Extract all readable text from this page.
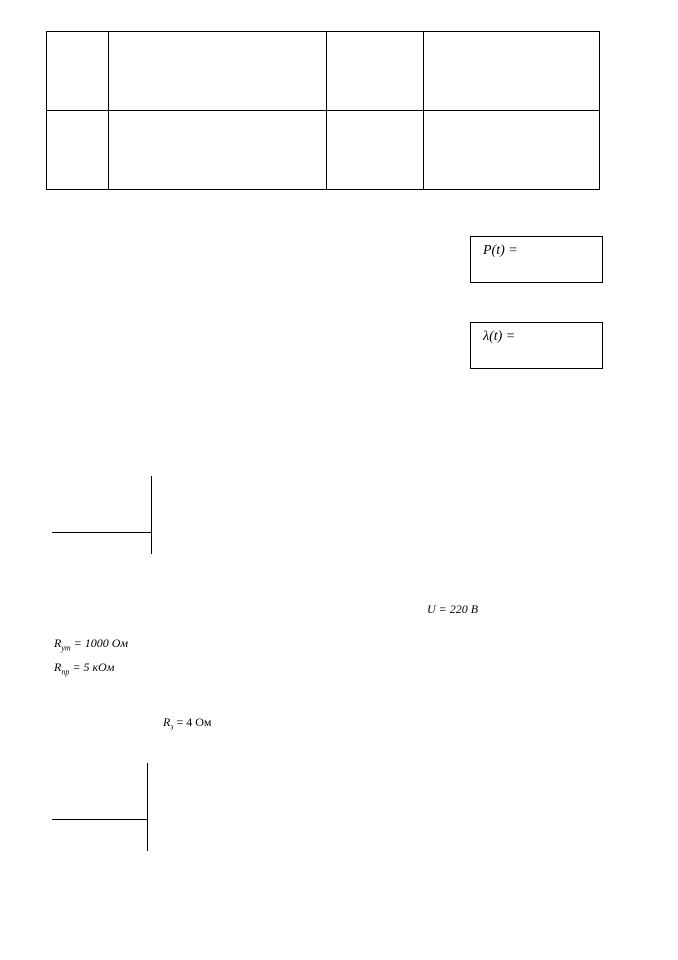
P(t) =
λ(t) =
U = 220 В
$R_{ут} = 1000$ Ом
$R_{пр} = 5$ кОм
$R_з = 4$ Ом
